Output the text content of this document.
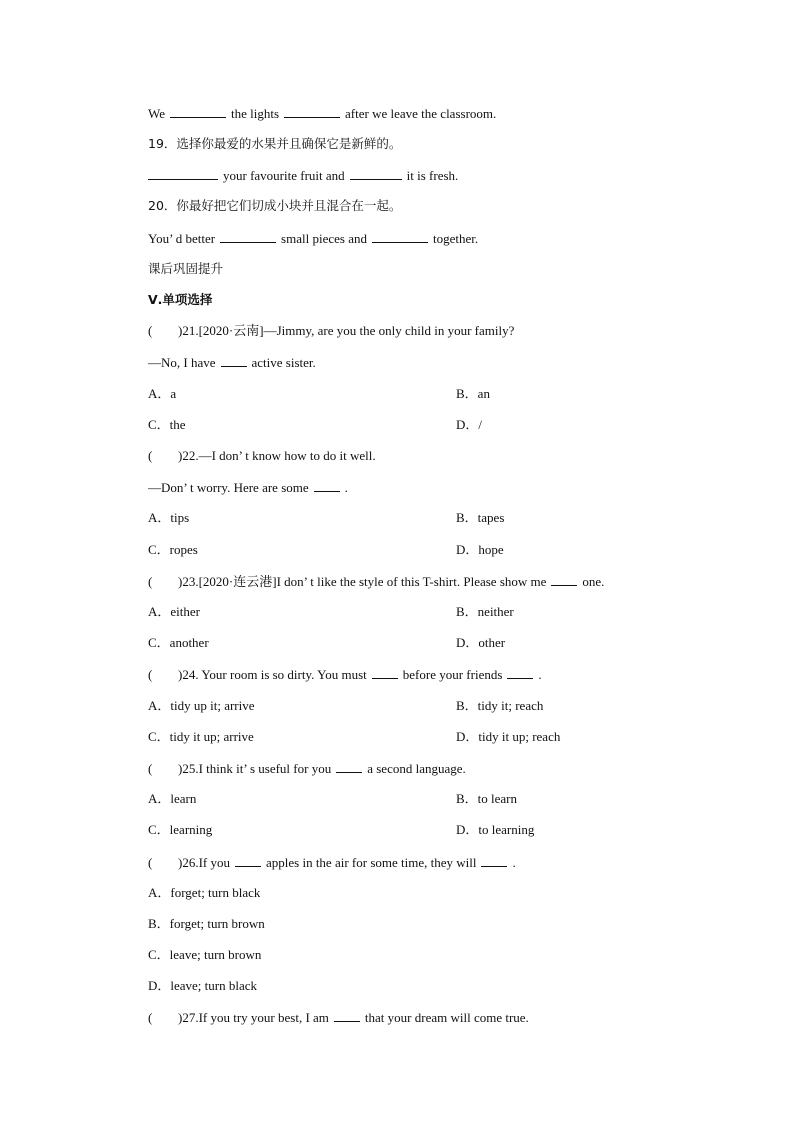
We	the lights	after we leave the classroom.
19．选择你最爱的水果并且确保它是新鲜的。
your favourite fruit and	it is fresh.
20．你最好把它们切成小块并且混合在一起。
You’ d better	small pieces and	together.
课后巩固提升
Ⅴ.单项选择
( )21.[2020·云南]—Jimmy, are you the only child in your family?
—No, I have	active sister.
A．a	B．an
C．the	D．/
( )22.—I don’ t know how to do it well.
—Don’ t worry. Here are some	.
A．tips	B．tapes
C．ropes	D．hope
( )23.[2020·连云港]I don’ t like the style of this T-shirt. Please show me	one.
A．either	B．neither
C．another	D．other
( )24. Your room is so dirty. You must	before your friends	.
A．tidy up it; arrive	B．tidy it; reach
C．tidy it up; arrive	D．tidy it up; reach
( )25.I think it’ s useful for you	a second language.
A．learn	B．to learn
C．learning	D．to learning
( )26.If you	apples in the air for some time, they will	.
A．forget; turn black
B．forget; turn brown
C．leave; turn brown
D．leave; turn black
( )27.If you try your best, I am	that your dream will come true.
